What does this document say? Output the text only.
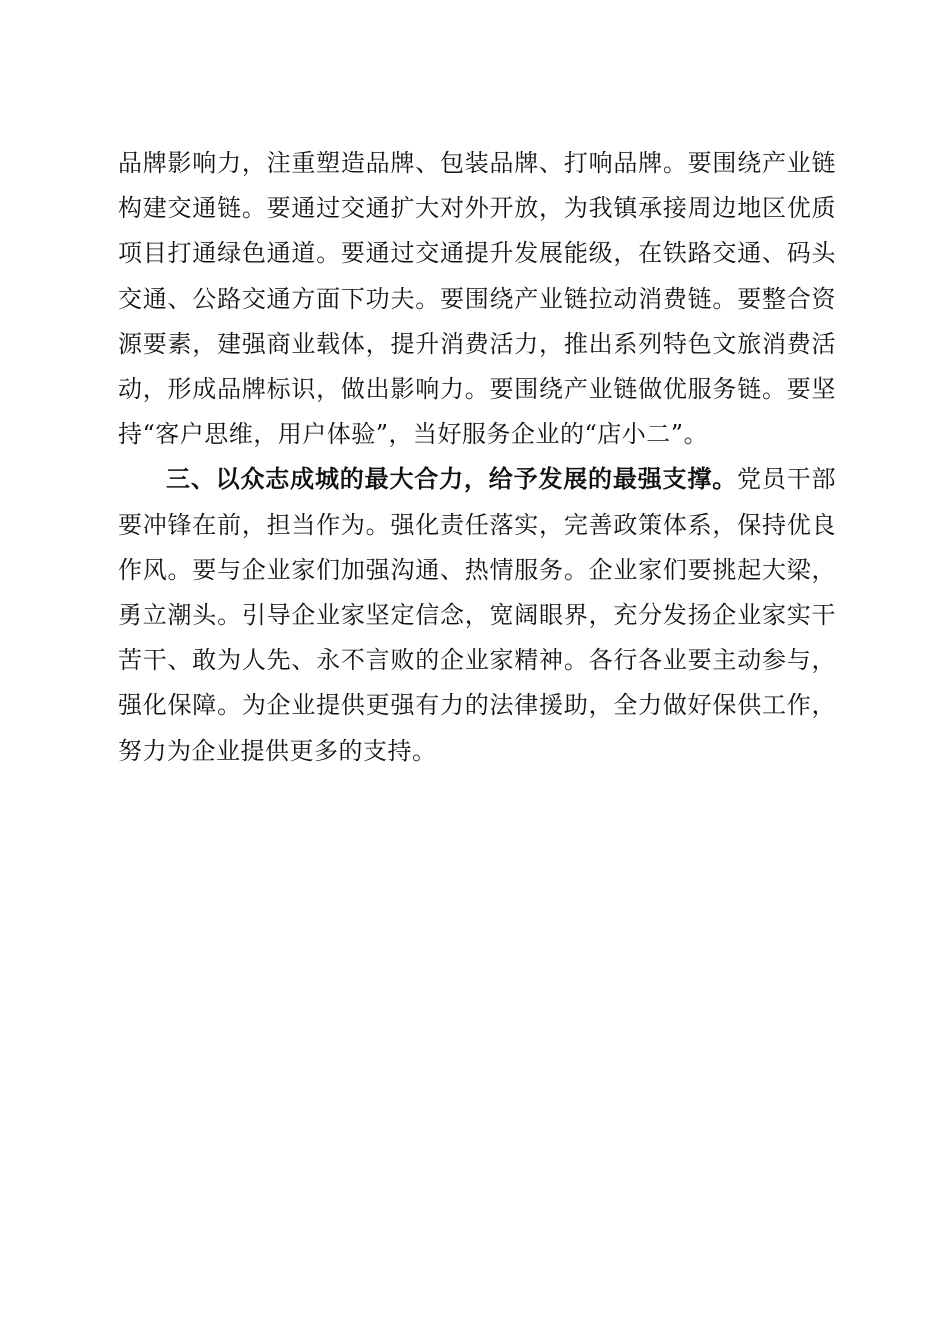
品牌影响力，注重塑造品牌、包装品牌、打响品牌。要围绕产业链构建交通链。要通过交通扩大对外开放，为我镇承接周边地区优质项目打通绿色通道。要通过交通提升发展能级，在铁路交通、码头交通、公路交通方面下功夫。要围绕产业链拉动消费链。要整合资源要素，建强商业载体，提升消费活力，推出系列特色文旅消费活动，形成品牌标识，做出影响力。要围绕产业链做优服务链。要坚持“客户思维，用户体验”，当好服务企业的“店小二”。

三、以众志成城的最大合力，给予发展的最强支撑。党员干部要冲锋在前，担当作为。强化责任落实，完善政策体系，保持优良作风。要与企业家们加强沟通、热情服务。企业家们要挑起大梁，勇立潮头。引导企业家坚定信念，宽阔眼界，充分发扬企业家实干苦干、敢为人先、永不言败的企业家精神。各行各业要主动参与，强化保障。为企业提供更强有力的法律援助，全力做好保供工作，努力为企业提供更多的支持。
